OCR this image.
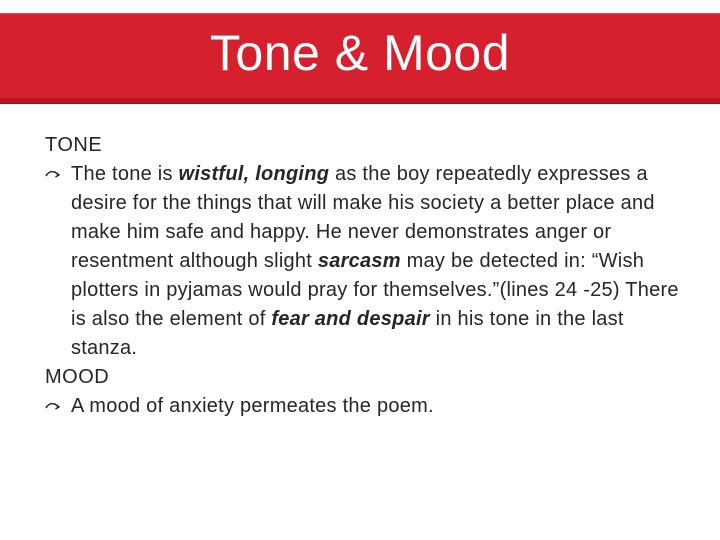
Tone & Mood
TONE

The tone is wistful, longing as the boy repeatedly expresses a desire for the things that will make his society a better place and make him safe and happy. He never demonstrates anger or resentment although slight sarcasm may be detected in: “Wish plotters in pyjamas would pray for themselves.”(lines 24 -25) There is also the element of fear and despair in his tone in the last stanza.

MOOD

A mood of anxiety permeates the poem.
